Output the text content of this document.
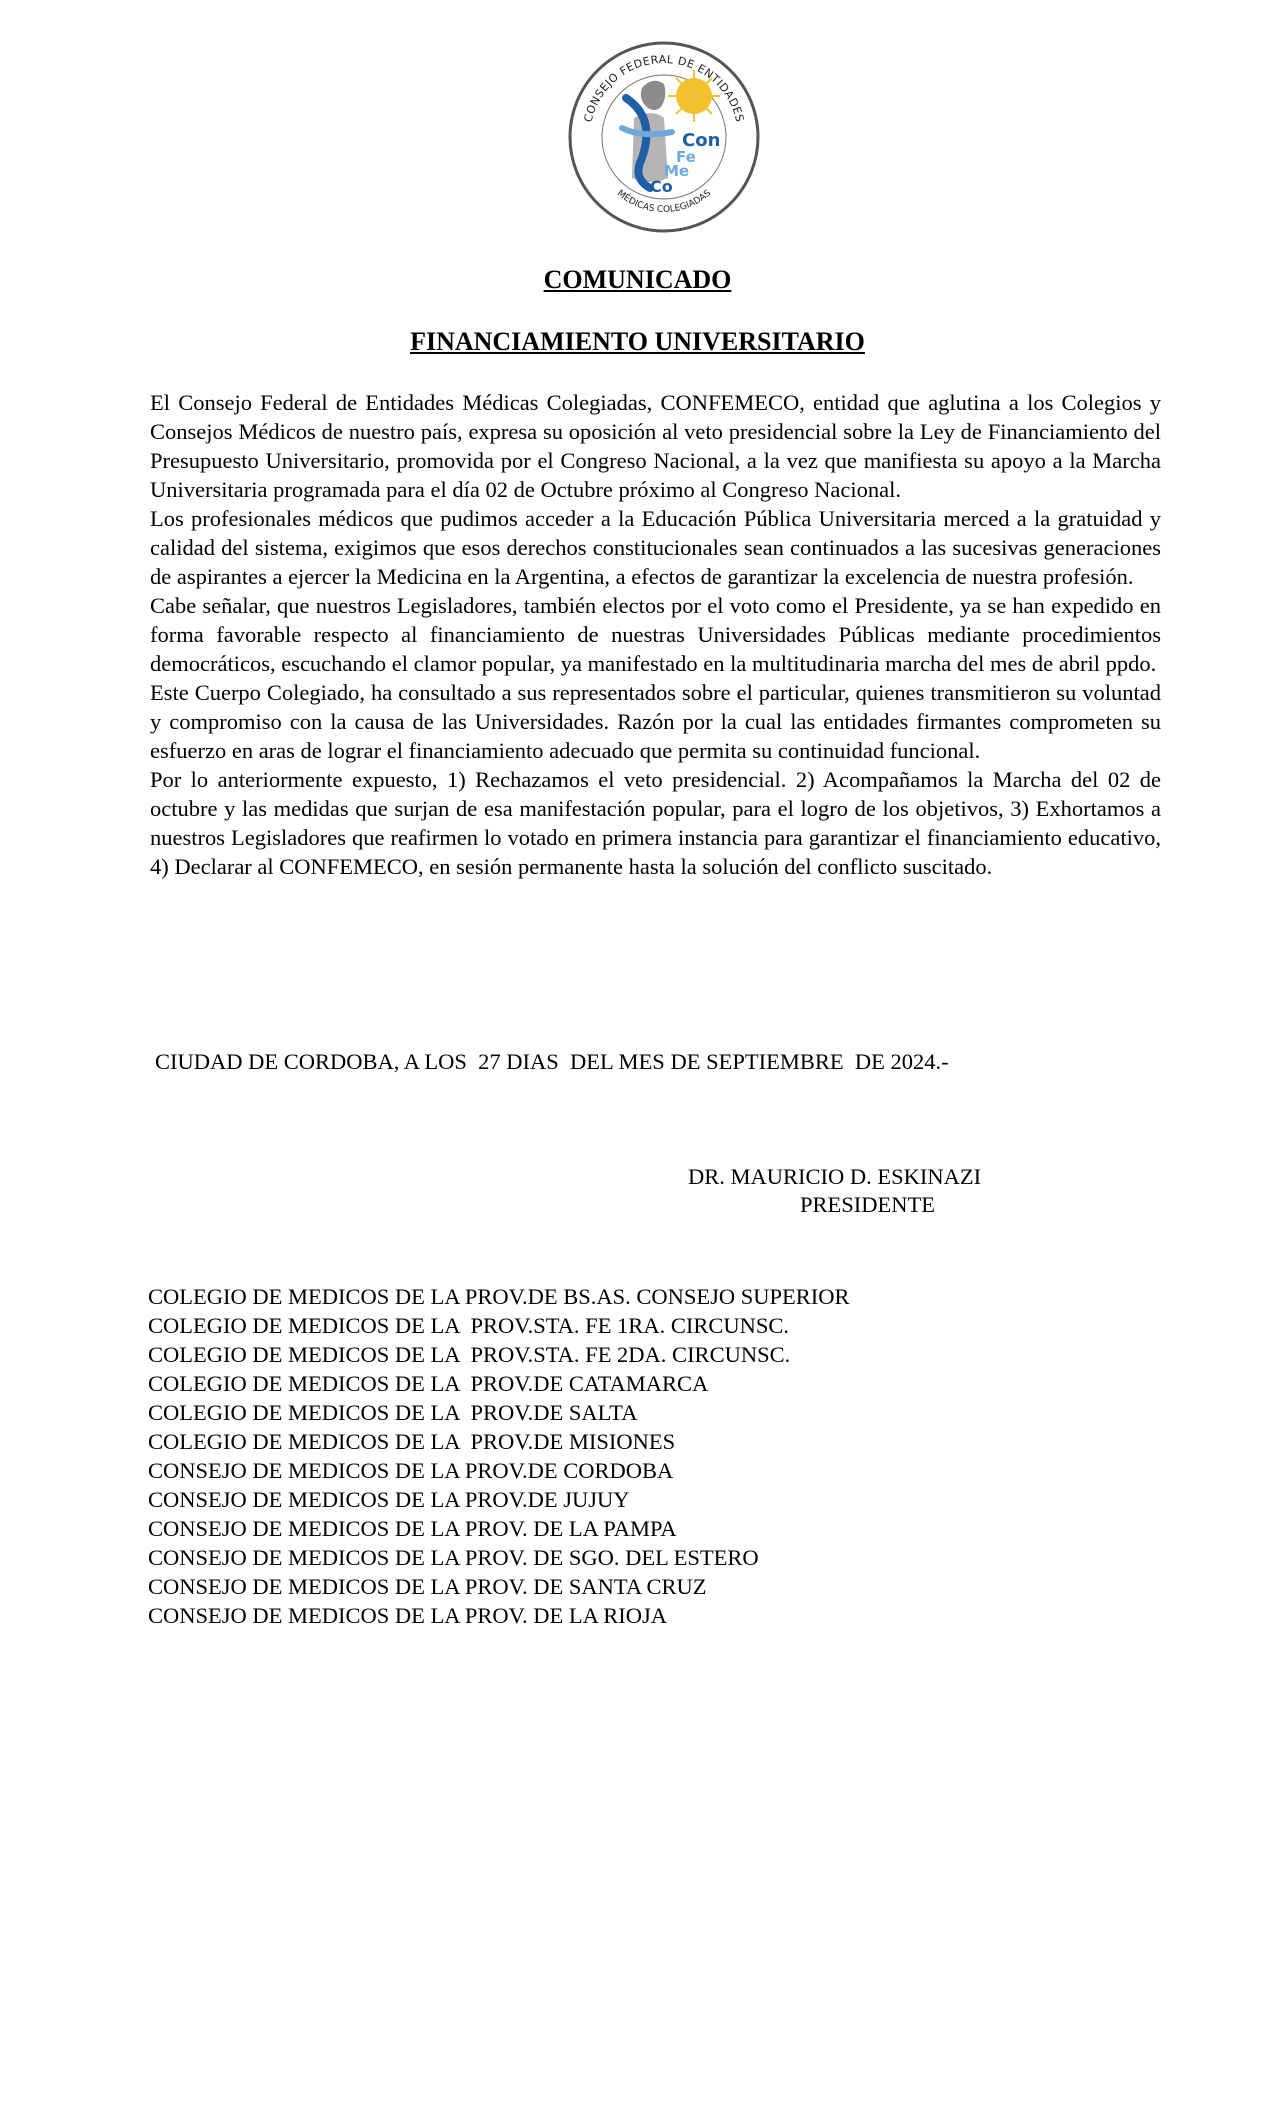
CONSEJO FEDERAL DE ENTIDADES
MÉDICAS COLEGIADAS
Con
Fe
Me
Co
COMUNICADO
FINANCIAMIENTO UNIVERSITARIO

El Consejo Federal de Entidades Médicas Colegiadas, CONFEMECO, entidad que aglutina a los Colegios y Consejos Médicos de nuestro país, expresa su oposición al veto presidencial sobre la Ley de Financiamiento del Presupuesto Universitario, promovida por el Congreso Nacional, a la vez que manifiesta su apoyo a la Marcha Universitaria programada para el día 02 de Octubre próximo al Congreso Nacional.

Los profesionales médicos que pudimos acceder a la Educación Pública Universitaria merced a la gratuidad y calidad del sistema, exigimos que esos derechos constitucionales sean continuados a las sucesivas generaciones de aspirantes a ejercer la Medicina en la Argentina, a efectos de garantizar la excelencia de nuestra profesión.

Cabe señalar, que nuestros Legisladores, también electos por el voto como el Presidente, ya se han expedido en forma favorable respecto al financiamiento de nuestras Universidades Públicas mediante procedimientos democráticos, escuchando el clamor popular, ya manifestado en la multitudinaria marcha del mes de abril ppdo.

Este Cuerpo Colegiado, ha consultado a sus representados sobre el particular, quienes transmitieron su voluntad y compromiso con la causa de las Universidades. Razón por la cual las entidades firmantes comprometen su esfuerzo en aras de lograr el financiamiento adecuado que permita su continuidad funcional.

Por lo anteriormente expuesto, 1) Rechazamos el veto presidencial. 2) Acompañamos la Marcha del 02 de octubre y las medidas que surjan de esa manifestación popular, para el logro de los objetivos, 3) Exhortamos a nuestros Legisladores que reafirmen lo votado en primera instancia para garantizar el financiamiento educativo, 4) Declarar al CONFEMECO, en sesión permanente hasta la solución del conflicto suscitado.

CIUDAD DE CORDOBA, A LOS  27 DIAS  DEL MES DE SEPTIEMBRE  DE 2024.-
DR. MAURICIO D. ESKINAZI
PRESIDENTE
COLEGIO DE MEDICOS DE LA PROV.DE BS.AS. CONSEJO SUPERIOR
COLEGIO DE MEDICOS DE LA  PROV.STA. FE 1RA. CIRCUNSC.
COLEGIO DE MEDICOS DE LA  PROV.STA. FE 2DA. CIRCUNSC.
COLEGIO DE MEDICOS DE LA  PROV.DE CATAMARCA
COLEGIO DE MEDICOS DE LA  PROV.DE SALTA
COLEGIO DE MEDICOS DE LA  PROV.DE MISIONES
CONSEJO DE MEDICOS DE LA PROV.DE CORDOBA
CONSEJO DE MEDICOS DE LA PROV.DE JUJUY
CONSEJO DE MEDICOS DE LA PROV. DE LA PAMPA
CONSEJO DE MEDICOS DE LA PROV. DE SGO. DEL ESTERO
CONSEJO DE MEDICOS DE LA PROV. DE SANTA CRUZ
CONSEJO DE MEDICOS DE LA PROV. DE LA RIOJA
